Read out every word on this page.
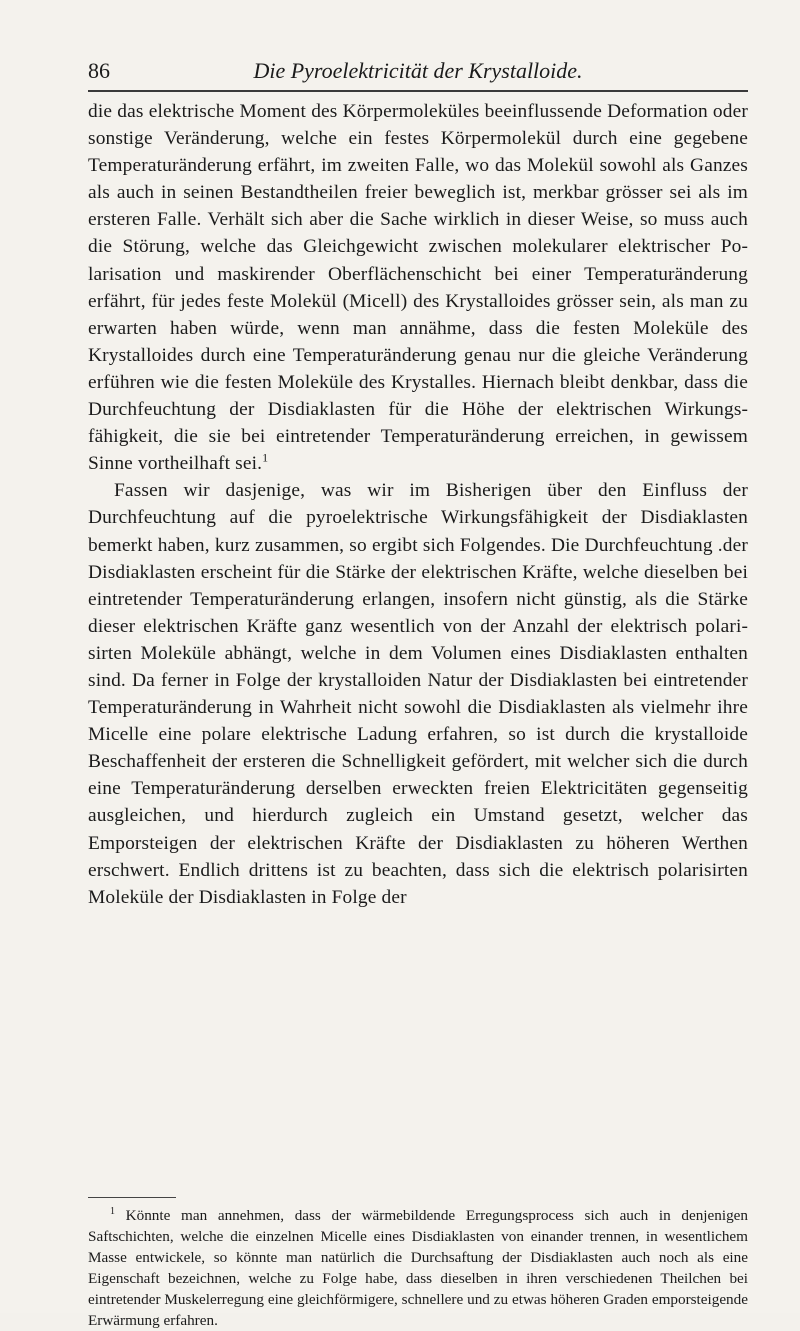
86	Die Pyroelektricität der Krystalloide.

die das elektrische Moment des Körpermoleküles beeinflussende Deformation oder sonstige Veränderung, welche ein festes Körpermolekül durch eine gegebene Temperaturänderung erfährt, im zweiten Falle, wo das Molekül sowohl als Ganzes als auch in seinen Bestandtheilen freier beweglich ist, merkbar grösser sei als im ersteren Falle. Verhält sich aber die Sache wirklich in dieser Weise, so muss auch die Störung, welche das Gleichgewicht zwischen molekularer elektrischer Polarisation und maskirender Oberflächenschicht bei einer Temperaturänderung erfährt, für jedes feste Molekül (Micell) des Krystalloides grösser sein, als man zu erwarten haben würde, wenn man annähme, dass die festen Moleküle des Krystalloides durch eine Temperaturänderung genau nur die gleiche Veränderung erführen wie die festen Moleküle des Krystalles. Hiernach bleibt denkbar, dass die Durchfeuchtung der Disdiaklasten für die Höhe der elektrischen Wirkungsfähigkeit, die sie bei eintretender Temperaturänderung erreichen, in gewissem Sinne vortheilhaft sei.$^1$

Fassen wir dasjenige, was wir im Bisherigen über den Einfluss der Durchfeuchtung auf die pyroelektrische Wirkungsfähigkeit der Disdiaklasten bemerkt haben, kurz zusammen, so ergibt sich Folgendes. Die Durchfeuchtung .der Disdiaklasten erscheint für die Stärke der elektrischen Kräfte, welche dieselben bei eintretender Temperaturänderung erlangen, insofern nicht günstig, als die Stärke dieser elektrischen Kräfte ganz wesentlich von der Anzahl der elektrisch polarisirten Moleküle abhängt, welche in dem Volumen eines Disdiaklasten enthalten sind. Da ferner in Folge der krystalloiden Natur der Disdiaklasten bei eintretender Temperaturänderung in Wahrheit nicht sowohl die Disdiaklasten als vielmehr ihre Micelle eine polare elektrische Ladung erfahren, so ist durch die krystalloide Beschaffenheit der ersteren die Schnelligkeit gefördert, mit welcher sich die durch eine Temperaturänderung derselben erweckten freien Elektricitäten gegenseitig ausgleichen, und hierdurch zugleich ein Umstand gesetzt, welcher das Emporsteigen der elektrischen Kräfte der Disdiaklasten zu höheren Werthen erschwert. Endlich drittens ist zu beachten, dass sich die elektrisch polarisirten Moleküle der Disdiaklasten in Folge der

$^1$ Könnte man annehmen, dass der wärmebildende Erregungsprocess sich auch in denjenigen Saftschichten, welche die einzelnen Micelle eines Disdiaklasten von einander trennen, in wesentlichem Masse entwickele, so könnte man natürlich die Durchsaftung der Disdiaklasten auch noch als eine Eigenschaft bezeichnen, welche zu Folge habe, dass dieselben in ihren verschiedenen Theilchen bei eintretender Muskelerregung eine gleichförmigere, schnellere und zu etwas höheren Graden emporsteigende Erwärmung erfahren.
